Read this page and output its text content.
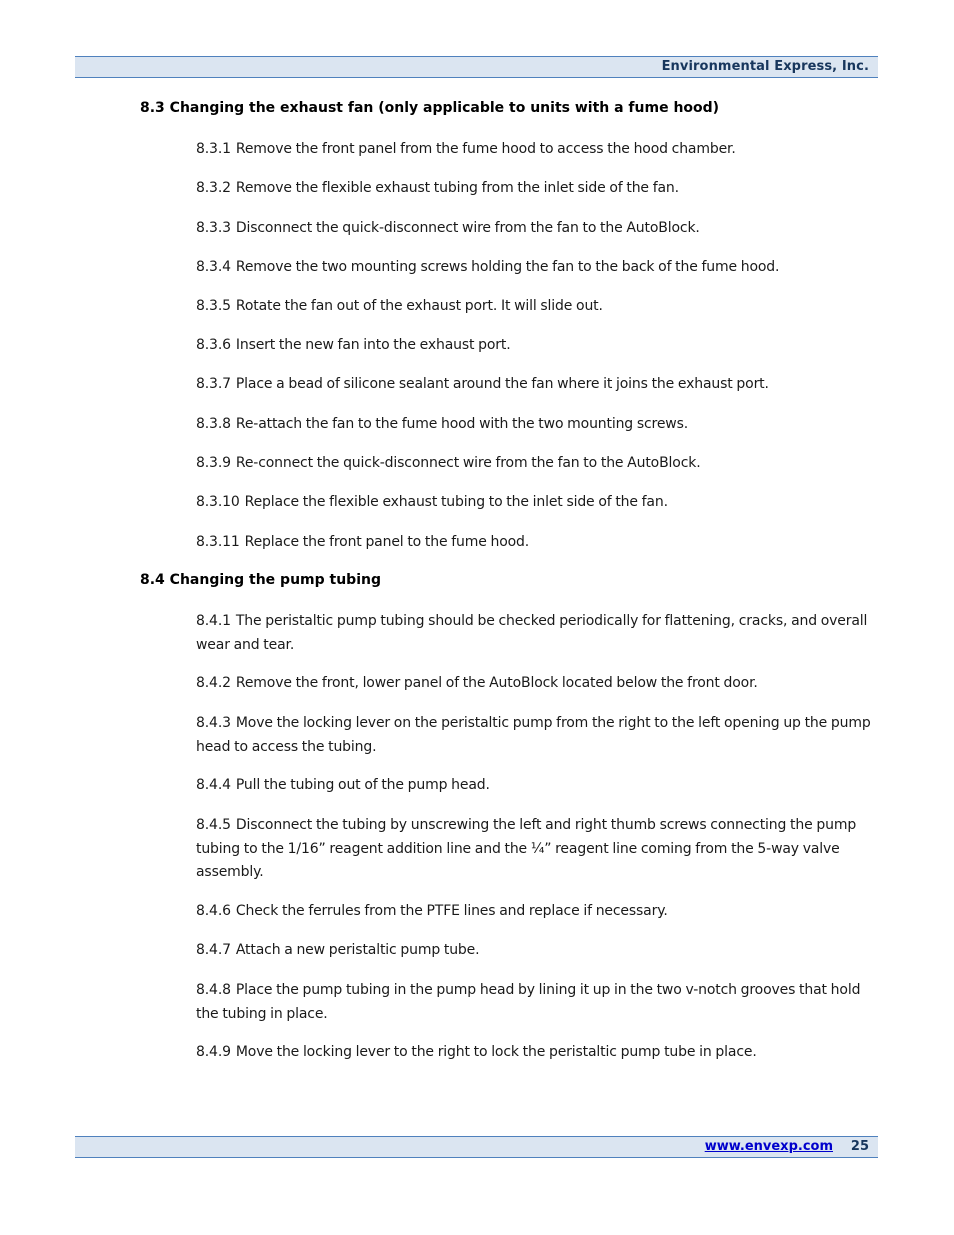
Environmental Express, Inc.
8.3 Changing the exhaust fan (only applicable to units with a fume hood)
8.3.1 Remove the front panel from the fume hood to access the hood chamber.
8.3.2 Remove the flexible exhaust tubing from the inlet side of the fan.
8.3.3 Disconnect the quick-disconnect wire from the fan to the AutoBlock.
8.3.4 Remove the two mounting screws holding the fan to the back of the fume hood.
8.3.5 Rotate the fan out of the exhaust port. It will slide out.
8.3.6 Insert the new fan into the exhaust port.
8.3.7 Place a bead of silicone sealant around the fan where it joins the exhaust port.
8.3.8 Re-attach the fan to the fume hood with the two mounting screws.
8.3.9 Re-connect the quick-disconnect wire from the fan to the AutoBlock.
8.3.10 Replace the flexible exhaust tubing to the inlet side of the fan.
8.3.11 Replace the front panel to the fume hood.
8.4 Changing the pump tubing
8.4.1 The peristaltic pump tubing should be checked periodically for flattening, cracks, and overall wear and tear.
8.4.2 Remove the front, lower panel of the AutoBlock located below the front door.
8.4.3 Move the locking lever on the peristaltic pump from the right to the left opening up the pump head to access the tubing.
8.4.4 Pull the tubing out of the pump head.
8.4.5 Disconnect the tubing by unscrewing the left and right thumb screws connecting the pump tubing to the 1/16” reagent addition line and the ¼” reagent line coming from the 5-way valve assembly.
8.4.6 Check the ferrules from the PTFE lines and replace if necessary.
8.4.7 Attach a new peristaltic pump tube.
8.4.8 Place the pump tubing in the pump head by lining it up in the two v-notch grooves that hold the tubing in place.
8.4.9 Move the locking lever to the right to lock the peristaltic pump tube in place.
www.envexp.com 25
